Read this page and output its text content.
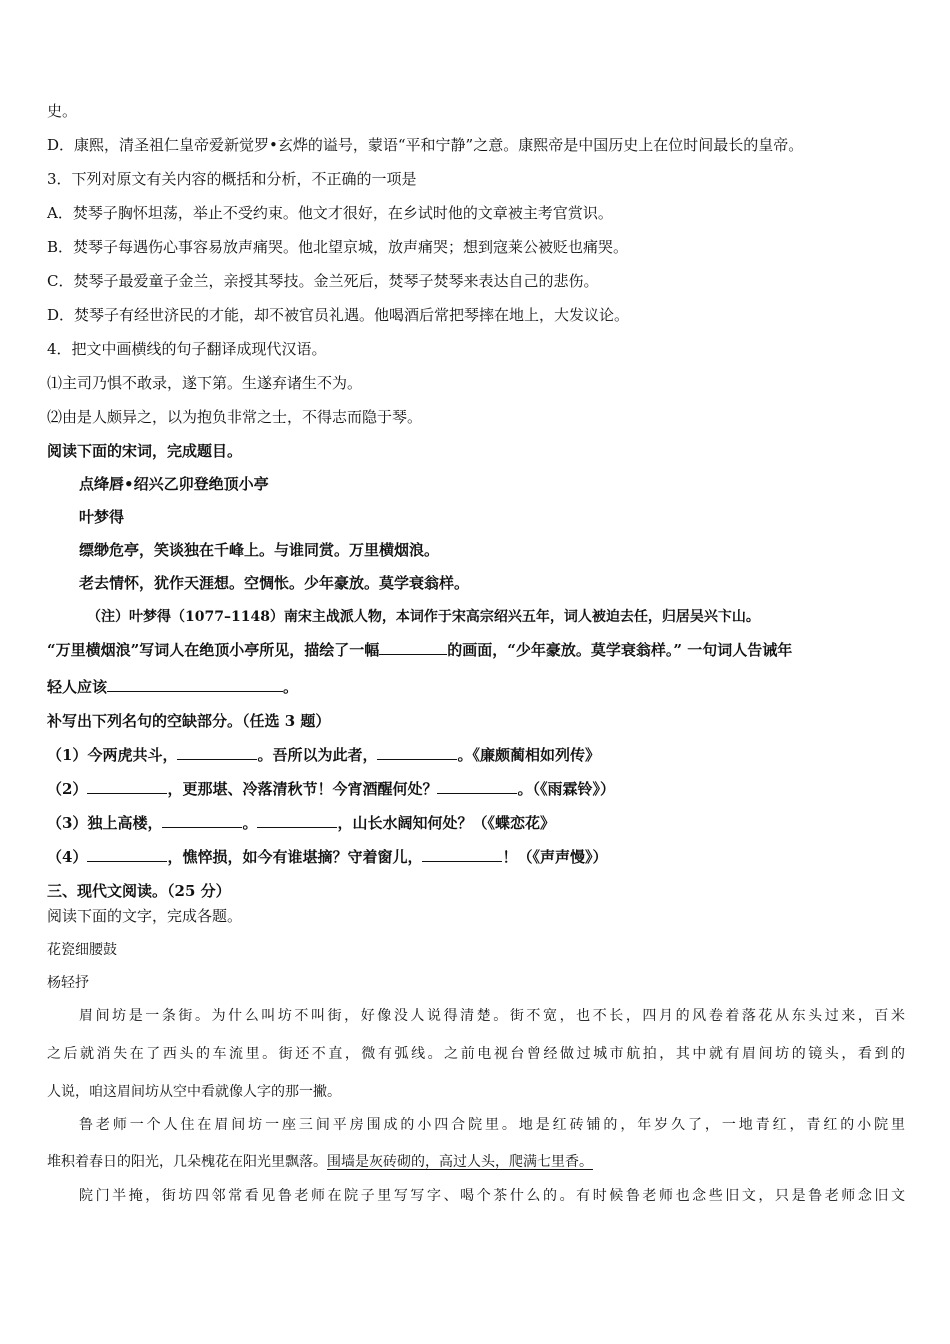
史。
D．康熙，清圣祖仁皇帝爱新觉罗•玄烨的谥号，蒙语“平和宁静”之意。康熙帝是中国历史上在位时间最长的皇帝。
3．下列对原文有关内容的概括和分析，不正确的一项是
A．焚琴子胸怀坦荡，举止不受约束。他文才很好，在乡试时他的文章被主考官赏识。
B．焚琴子每遇伤心事容易放声痛哭。他北望京城，放声痛哭；想到寇莱公被贬也痛哭。
C．焚琴子最爱童子金兰，亲授其琴技。金兰死后，焚琴子焚琴来表达自己的悲伤。
D．焚琴子有经世济民的才能，却不被官员礼遇。他喝酒后常把琴摔在地上，大发议论。
4．把文中画横线的句子翻译成现代汉语。
⑴主司乃惧不敢录，遂下第。生遂弃诸生不为。
⑵由是人颇异之，以为抱负非常之士，不得志而隐于琴。
阅读下面的宋词，完成题目。
点绛唇•绍兴乙卯登绝顶小亭
叶梦得
缥缈危亭，笑谈独在千峰上。与谁同赏。万里横烟浪。
老去情怀，犹作天涯想。空惆怅。少年豪放。莫学衰翁样。
（注）叶梦得（1077–1148）南宋主战派人物，本词作于宋高宗绍兴五年，词人被迫去任，归居吴兴卞山。
“万里横烟浪”写词人在绝顶小亭所见，描绘了一幅	的画面，“少年豪放。莫学衰翁样。” 一句词人告诫年
轻人应该	。
补写出下列名句的空缺部分。（任选 3 题）
（1）今两虎共斗，	。吾所以为此者，	。《廉颇蔺相如列传》
（2）	，更那堪、冷落清秋节！今宵酒醒何处？	。（《雨霖铃》）
（3）独上高楼，	。	，山长水阔知何处？（《蝶恋花》
（4）	，憔悴损，如今有谁堪摘？守着窗儿，	！（《声声慢》）
三、现代文阅读。（25 分）
阅读下面的文字，完成各题。
花瓷细腰鼓
杨轻抒
眉间坊是一条街。为什么叫坊不叫街，好像没人说得清楚。街不宽，也不长，四月的风卷着落花从东头过来，百米
之后就消失在了西头的车流里。街还不直，微有弧线。之前电视台曾经做过城市航拍，其中就有眉间坊的镜头，看到的
人说，咱这眉间坊从空中看就像人字的那一撇。
鲁老师一个人住在眉间坊一座三间平房围成的小四合院里。地是红砖铺的，年岁久了，一地青红，青红的小院里
堆积着春日的阳光，几朵槐花在阳光里飘落。围墙是灰砖砌的，高过人头，爬满七里香。
院门半掩，街坊四邻常看见鲁老师在院子里写写字、喝个茶什么的。有时候鲁老师也念些旧文，只是鲁老师念旧文
